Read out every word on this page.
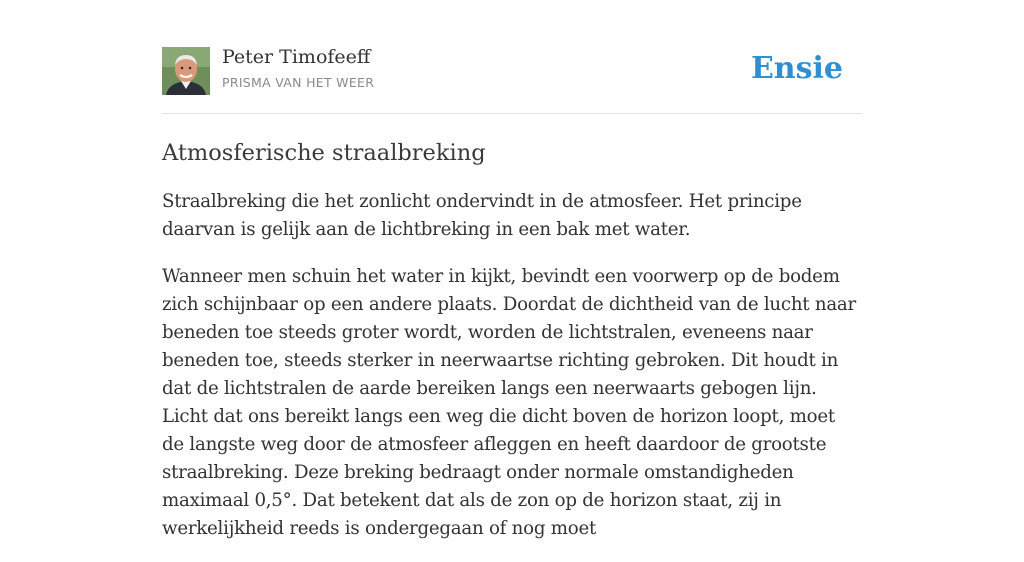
Peter Timofeeff
PRISMA VAN HET WEER	Ensie
Atmosferische straalbreking

Straalbreking die het zonlicht ondervindt in de atmosfeer. Het principe daarvan is gelijk aan de lichtbreking in een bak met water.

Wanneer men schuin het water in kijkt, bevindt een voorwerp op de bodem zich schijnbaar op een andere plaats. Doordat de dichtheid van de lucht naar beneden toe steeds groter wordt, worden de lichtstralen, eveneens naar beneden toe, steeds sterker in neerwaartse richting gebroken. Dit houdt in dat de lichtstralen de aarde bereiken langs een neerwaarts gebogen lijn. Licht dat ons bereikt langs een weg die dicht boven de horizon loopt, moet de langste weg door de atmosfeer afleggen en heeft daardoor de grootste straalbreking. Deze breking bedraagt onder normale omstandigheden maximaal 0,5°. Dat betekent dat als de zon op de horizon staat, zij in werkelijkheid reeds is ondergegaan of nog moet
